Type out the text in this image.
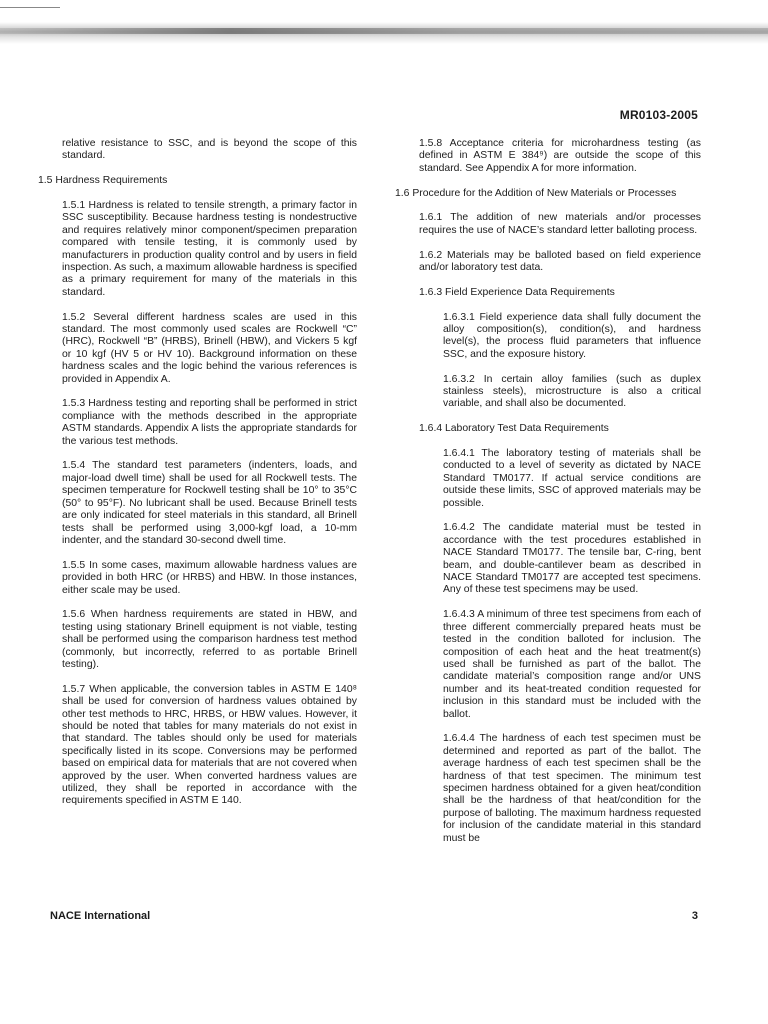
MR0103-2005

relative resistance to SSC, and is beyond the scope of this standard.

1.5 Hardness Requirements

1.5.1 Hardness is related to tensile strength, a primary factor in SSC susceptibility. Because hardness testing is nondestructive and requires relatively minor component/specimen preparation compared with tensile testing, it is commonly used by manufacturers in production quality control and by users in field inspection. As such, a maximum allowable hardness is specified as a primary requirement for many of the materials in this standard.

1.5.2 Several different hardness scales are used in this standard. The most commonly used scales are Rockwell “C” (HRC), Rockwell “B” (HRBS), Brinell (HBW), and Vickers 5 kgf or 10 kgf (HV 5 or HV 10). Background information on these hardness scales and the logic behind the various references is provided in Appendix A.

1.5.3 Hardness testing and reporting shall be performed in strict compliance with the methods described in the appropriate ASTM standards. Appendix A lists the appropriate standards for the various test methods.

1.5.4 The standard test parameters (indenters, loads, and major-load dwell time) shall be used for all Rockwell tests. The specimen temperature for Rockwell testing shall be 10° to 35°C (50° to 95°F). No lubricant shall be used. Because Brinell tests are only indicated for steel materials in this standard, all Brinell tests shall be performed using 3,000-kgf load, a 10-mm indenter, and the standard 30-second dwell time.

1.5.5 In some cases, maximum allowable hardness values are provided in both HRC (or HRBS) and HBW. In those instances, either scale may be used.

1.5.6 When hardness requirements are stated in HBW, and testing using stationary Brinell equipment is not viable, testing shall be performed using the comparison hardness test method (commonly, but incorrectly, referred to as portable Brinell testing).

1.5.7 When applicable, the conversion tables in ASTM E 140⁸ shall be used for conversion of hardness values obtained by other test methods to HRC, HRBS, or HBW values. However, it should be noted that tables for many materials do not exist in that standard. The tables should only be used for materials specifically listed in its scope. Conversions may be performed based on empirical data for materials that are not covered when approved by the user. When converted hardness values are utilized, they shall be reported in accordance with the requirements specified in ASTM E 140.

1.5.8 Acceptance criteria for microhardness testing (as defined in ASTM E 384⁹) are outside the scope of this standard. See Appendix A for more information.

1.6 Procedure for the Addition of New Materials or Processes

1.6.1 The addition of new materials and/or processes requires the use of NACE’s standard letter balloting process.

1.6.2 Materials may be balloted based on field experience and/or laboratory test data.

1.6.3 Field Experience Data Requirements

1.6.3.1 Field experience data shall fully document the alloy composition(s), condition(s), and hardness level(s), the process fluid parameters that influence SSC, and the exposure history.

1.6.3.2 In certain alloy families (such as duplex stainless steels), microstructure is also a critical variable, and shall also be documented.

1.6.4 Laboratory Test Data Requirements

1.6.4.1 The laboratory testing of materials shall be conducted to a level of severity as dictated by NACE Standard TM0177. If actual service conditions are outside these limits, SSC of approved materials may be possible.

1.6.4.2 The candidate material must be tested in accordance with the test procedures established in NACE Standard TM0177. The tensile bar, C-ring, bent beam, and double-cantilever beam as described in NACE Standard TM0177 are accepted test specimens. Any of these test specimens may be used.

1.6.4.3 A minimum of three test specimens from each of three different commercially prepared heats must be tested in the condition balloted for inclusion. The composition of each heat and the heat treatment(s) used shall be furnished as part of the ballot. The candidate material’s composition range and/or UNS number and its heat-treated condition requested for inclusion in this standard must be included with the ballot.

1.6.4.4 The hardness of each test specimen must be determined and reported as part of the ballot. The average hardness of each test specimen shall be the hardness of that test specimen. The minimum test specimen hardness obtained for a given heat/condition shall be the hardness of that heat/condition for the purpose of balloting. The maximum hardness requested for inclusion of the candidate material in this standard must be

NACE International	3
